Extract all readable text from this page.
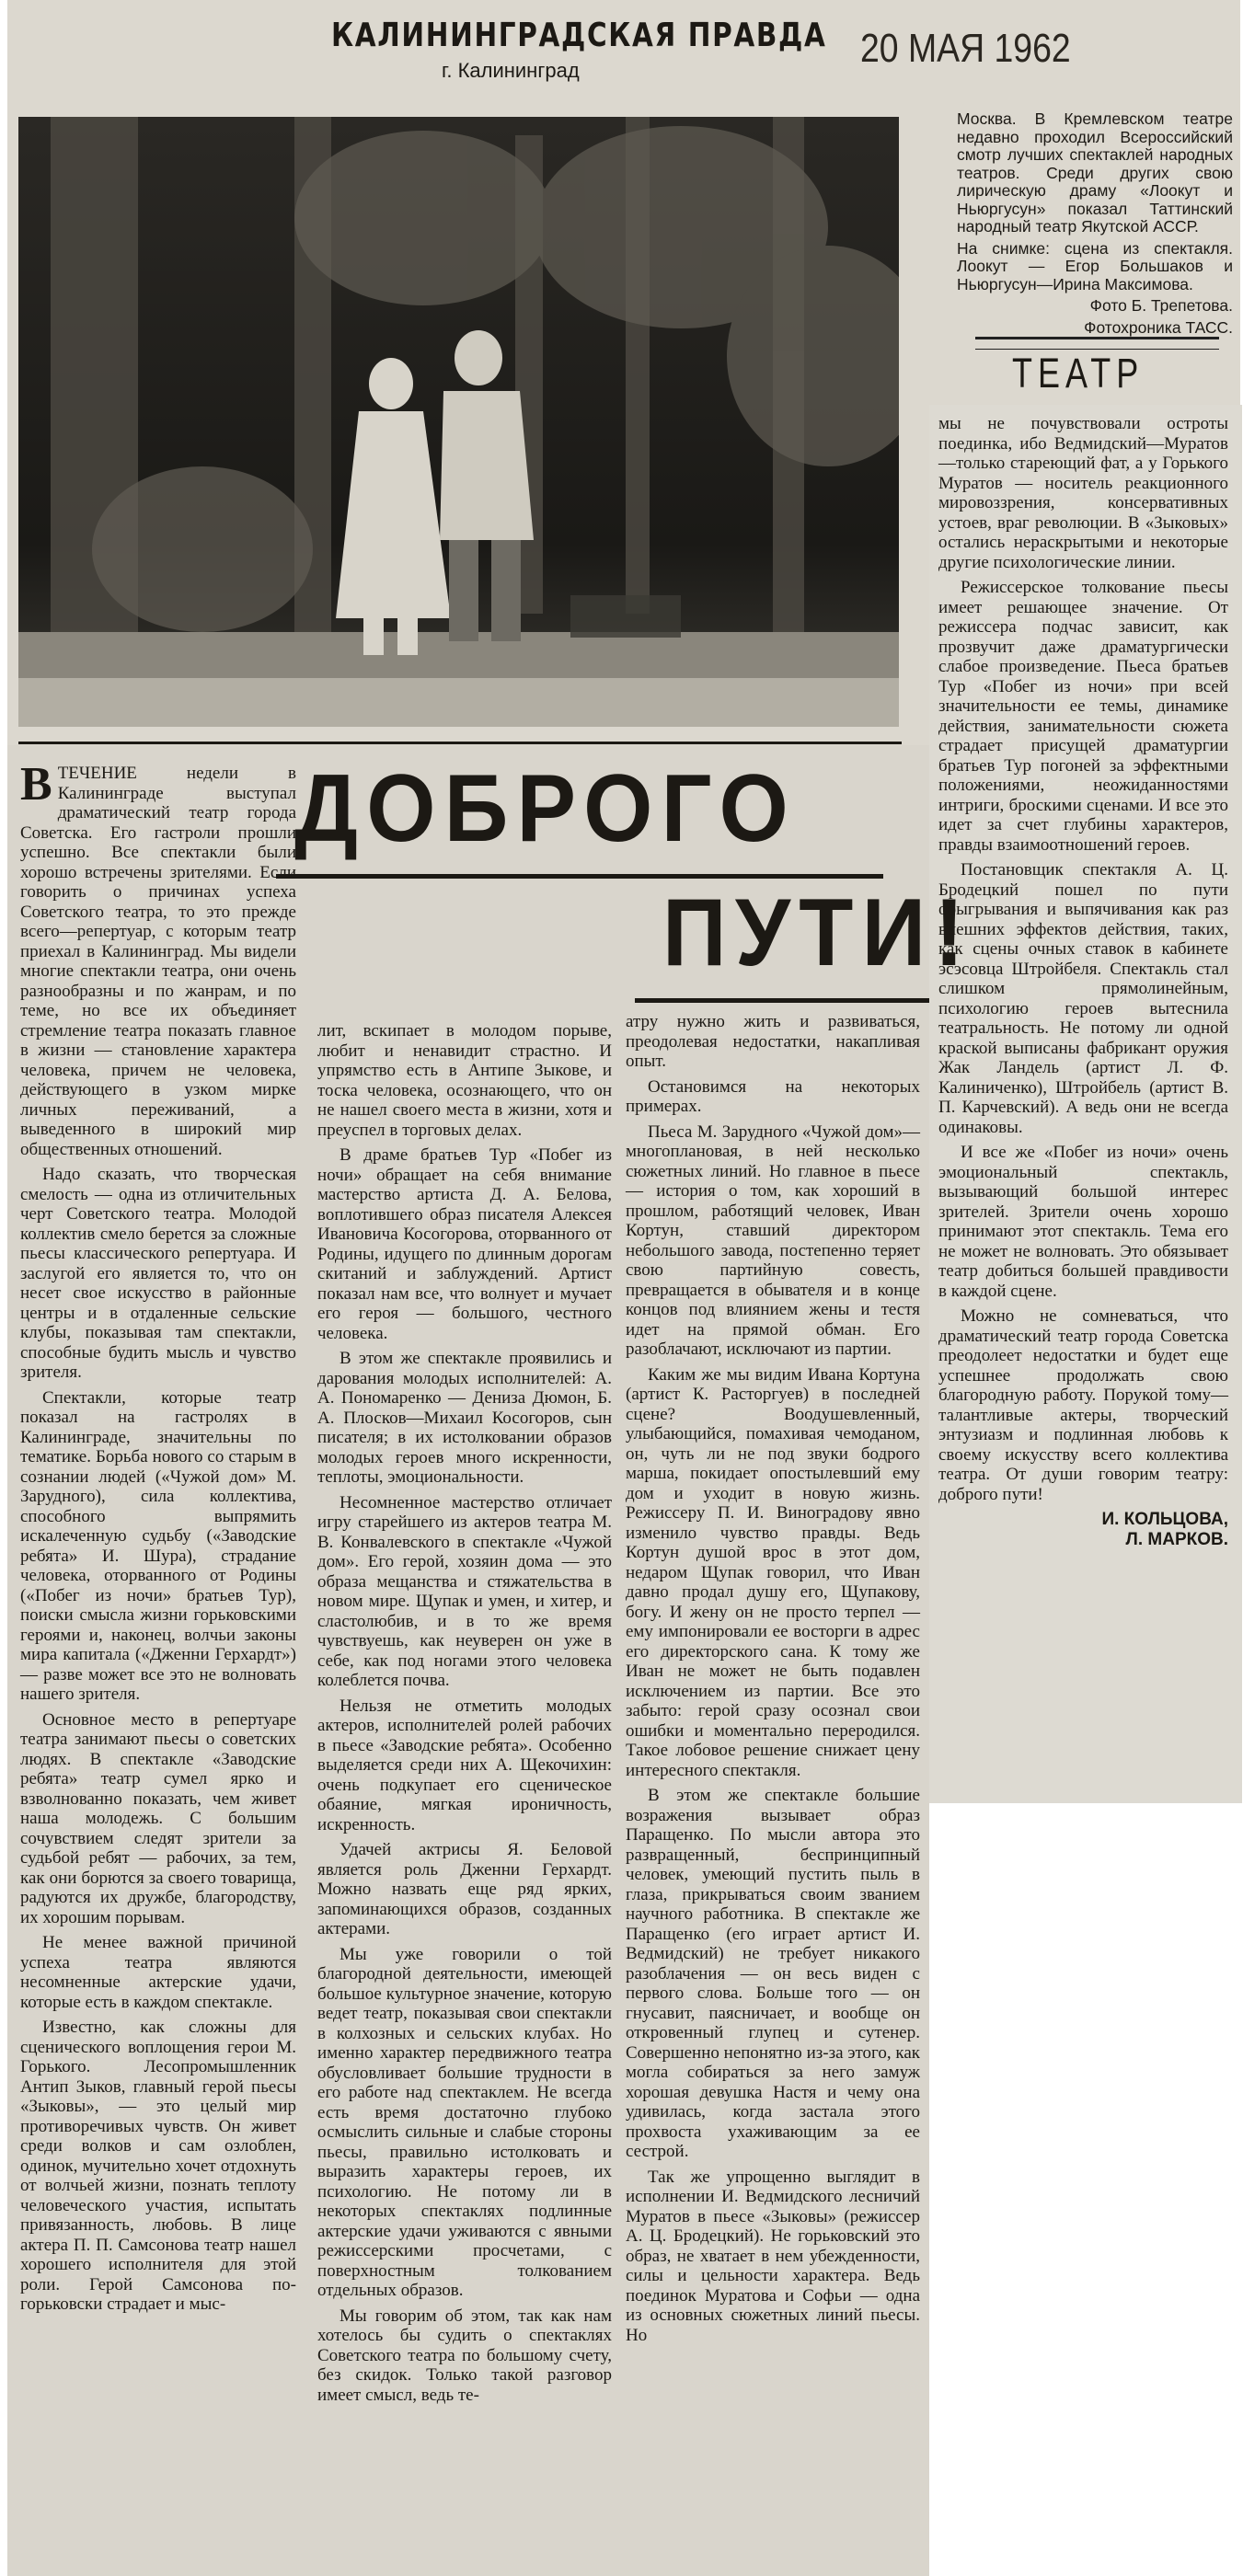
КАЛИНИНГРАДСКАЯ ПРАВДА
г. Калининград	20 МАЯ 1962

Москва. В Кремлевском театре недавно проходил Всероссийский смотр лучших спектаклей народных театров. Среди других свою лирическую драму «Лоокут и Ньюргусун» показал Таттинский народный театр Якутской АССР.

На снимке: сцена из спектакля. Лоокут — Егор Большаков и Ньюргусун—Ирина Максимова.

Фото Б. Трепетова.

Фотохроника ТАСС.

ТЕАТР
ДОБРОГО
ПУТИ!

ВТЕЧЕНИЕ недели в Калининграде выступал драматический театр города Советска. Его гастроли прошли успешно. Все спектакли были хорошо встречены зрителями. Если говорить о причинах успеха Советского театра, то это прежде всего—репертуар, с которым театр приехал в Калининград. Мы видели многие спектакли театра, они очень разнообразны и по жанрам, и по теме, но все их объединяет стремление театра показать главное в жизни — становление характера человека, причем не человека, действующего в узком мирке личных переживаний, а выведенного в широкий мир общественных отношений.

Надо сказать, что творческая смелость — одна из отличительных черт Советского театра. Молодой коллектив смело берется за сложные пьесы классического репертуара. И заслугой его является то, что он несет свое искусство в районные центры и в отдаленные сельские клубы, показывая там спектакли, способные будить мысль и чувство зрителя.

Спектакли, которые театр показал на гастролях в Калининграде, значительны по тематике. Борьба нового со старым в сознании людей («Чужой дом» М. Зарудного), сила коллектива, способного выпрямить искалеченную судьбу («Заводские ребята» И. Шура), страдание человека, оторванного от Родины («Побег из ночи» братьев Тур), поиски смысла жизни горьковскими героями и, наконец, волчьи законы мира капитала («Дженни Герхардт») — разве может все это не волновать нашего зрителя.

Основное место в репертуаре театра занимают пьесы о советских людях. В спектакле «Заводские ребята» театр сумел ярко и взволнованно показать, чем живет наша молодежь. С большим сочувствием следят зрители за судьбой ребят — рабочих, за тем, как они борются за своего товарища, радуются их дружбе, благородству, их хорошим порывам.

Не менее важной причиной успеха театра являются несомненные актерские удачи, которые есть в каждом спектакле.

Известно, как сложны для сценического воплощения герои М. Горького. Лесопромышленник Антип Зыков, главный герой пьесы «Зыковы», — это целый мир противоречивых чувств. Он живет среди волков и сам озлоблен, одинок, мучительно хочет отдохнуть от волчьей жизни, познать теплоту человеческого участия, испытать привязанность, любовь. В лице актера П. П. Самсонова театр нашел хорошего исполнителя для этой роли. Герой Самсонова по-горьковски страдает и мыс-

лит, вскипает в молодом порыве, любит и ненавидит страстно. И упрямство есть в Антипе Зыкове, и тоска человека, осознающего, что он не нашел своего места в жизни, хотя и преуспел в торговых делах.

В драме братьев Тур «Побег из ночи» обращает на себя внимание мастерство артиста Д. А. Белова, воплотившего образ писателя Алексея Ивановича Косогорова, оторванного от Родины, идущего по длинным дорогам скитаний и заблуждений. Артист показал нам все, что волнует и мучает его героя — большого, честного человека.

В этом же спектакле проявились и дарования молодых исполнителей: А. А. Пономаренко — Дениза Дюмон, Б. А. Плосков—Михаил Косогоров, сын писателя; в их истолковании образов молодых героев много искренности, теплоты, эмоциональности.

Несомненное мастерство отличает игру старейшего из актеров театра М. В. Конвалевского в спектакле «Чужой дом». Его герой, хозяин дома — это образа мещанства и стяжательства в новом мире. Щупак и умен, и хитер, и сластолюбив, и в то же время чувствуешь, как неуверен он уже в себе, как под ногами этого человека колеблется почва.

Нельзя не отметить молодых актеров, исполнителей ролей рабочих в пьесе «Заводские ребята». Особенно выделяется среди них А. Щекочихин: очень подкупает его сценическое обаяние, мягкая ироничность, искренность.

Удачей актрисы Я. Беловой является роль Дженни Герхардт. Можно назвать еще ряд ярких, запоминающихся образов, созданных актерами.

Мы уже говорили о той благородной деятельности, имеющей большое культурное значение, которую ведет театр, показывая свои спектакли в колхозных и сельских клубах. Но именно характер передвижного театра обусловливает большие трудности в его работе над спектаклем. Не всегда есть время достаточно глубоко осмыслить сильные и слабые стороны пьесы, правильно истолковать и выразить характеры героев, их психологию. Не потому ли в некоторых спектаклях подлинные актерские удачи уживаются с явными режиссерскими просчетами, с поверхностным толкованием отдельных образов.

Мы говорим об этом, так как нам хотелось бы судить о спектаклях Советского театра по большому счету, без скидок. Только такой разговор имеет смысл, ведь те-

атру нужно жить и развиваться, преодолевая недостатки, накапливая опыт.

Остановимся на некоторых примерах.

Пьеса М. Зарудного «Чужой дом»—многоплановая, в ней несколько сюжетных линий. Но главное в пьесе — история о том, как хороший в прошлом, работящий человек, Иван Кортун, ставший директором небольшого завода, постепенно теряет свою партийную совесть, превращается в обывателя и в конце концов под влиянием жены и тестя идет на прямой обман. Его разоблачают, исключают из партии.

Каким же мы видим Ивана Кортуна (артист К. Расторгуев) в последней сцене? Воодушевленный, улыбающийся, помахивая чемоданом, он, чуть ли не под звуки бодрого марша, покидает опостылевший ему дом и уходит в новую жизнь. Режиссеру П. И. Виноградову явно изменило чувство правды. Ведь Кортун душой врос в этот дом, недаром Щупак говорил, что Иван давно продал душу его, Щупакову, богу. И жену он не просто терпел — ему импонировали ее восторги в адрес его директорского сана. К тому же Иван не может не быть подавлен исключением из партии. Все это забыто: герой сразу осознал свои ошибки и моментально переродился. Такое лобовое решение снижает цену интересного спектакля.

В этом же спектакле большие возражения вызывает образ Паращенко. По мысли автора это развращенный, беспринципный человек, умеющий пустить пыль в глаза, прикрываться своим званием научного работника. В спектакле же Паращенко (его играет артист И. Ведмидский) не требует никакого разоблачения — он весь виден с первого слова. Больше того — он гнусавит, паясничает, и вообще он откровенный глупец и сутенер. Совершенно непонятно из-за этого, как могла собираться за него замуж хорошая девушка Настя и чему она удивилась, когда застала этого прохвоста ухаживающим за ее сестрой.

Так же упрощенно выглядит в исполнении И. Ведмидского лесничий Муратов в пьесе «Зыковы» (режиссер А. Ц. Бродецкий). Не горьковский это образ, не хватает в нем убежденности, силы и цельности характера. Ведь поединок Муратова и Софьи — одна из основных сюжетных линий пьесы. Но

мы не почувствовали остроты поединка, ибо Ведмидский—Муратов—только стареющий фат, а у Горького Муратов — носитель реакционного мировоззрения, консервативных устоев, враг революции. В «Зыковых» остались нераскрытыми и некоторые другие психологические линии.

Режиссерское толкование пьесы имеет решающее значение. От режиссера подчас зависит, как прозвучит даже драматургически слабое произведение. Пьеса братьев Тур «Побег из ночи» при всей значительности ее темы, динамике действия, занимательности сюжета страдает присущей драматургии братьев Тур погоней за эффектными положениями, неожиданностями интриги, броскими сценами. И все это идет за счет глубины характеров, правды взаимоотношений героев.

Постановщик спектакля А. Ц. Бродецкий пошел по пути обыгрывания и выпячивания как раз внешних эффектов действия, таких, как сцены очных ставок в кабинете эсэсовца Штройбеля. Спектакль стал слишком прямолинейным, психологию героев вытеснила театральность. Не потому ли одной краской выписаны фабрикант оружия Жак Ландель (артист Л. Ф. Калиниченко), Штройбель (артист В. П. Карчевский). А ведь они не всегда одинаковы.

И все же «Побег из ночи» очень эмоциональный спектакль, вызывающий большой интерес зрителей. Зрители очень хорошо принимают этот спектакль. Тема его не может не волновать. Это обязывает театр добиться большей правдивости в каждой сцене.

Можно не сомневаться, что драматический театр города Советска преодолеет недостатки и будет еще успешнее продолжать свою благородную работу. Порукой тому—талантливые актеры, творческий энтузиазм и подлинная любовь к своему искусству всего коллектива театра. От души говорим театру: доброго пути!

И. КОЛЬЦОВА,
Л. МАРКОВ.
